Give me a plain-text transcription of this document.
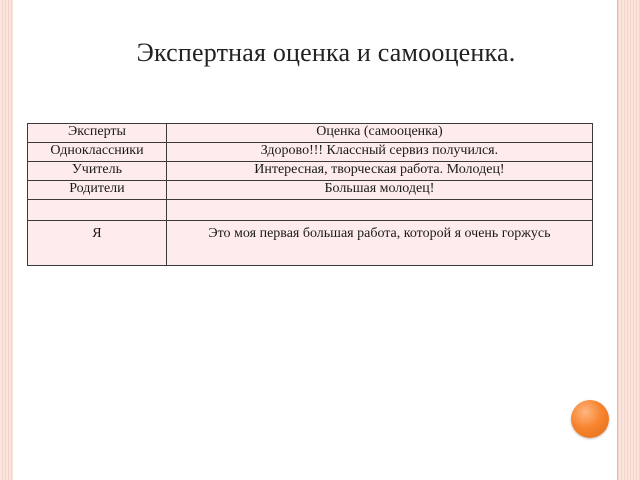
Экспертная оценка и самооценка.
Эксперты	Оценка (самооценка)
Одноклассники	Здорово!!! Классный сервиз получился.
Учитель	Интересная, творческая работа. Молодец!
Родители	Большая молодец!

Я	Это моя первая большая работа, которой я очень горжусь
